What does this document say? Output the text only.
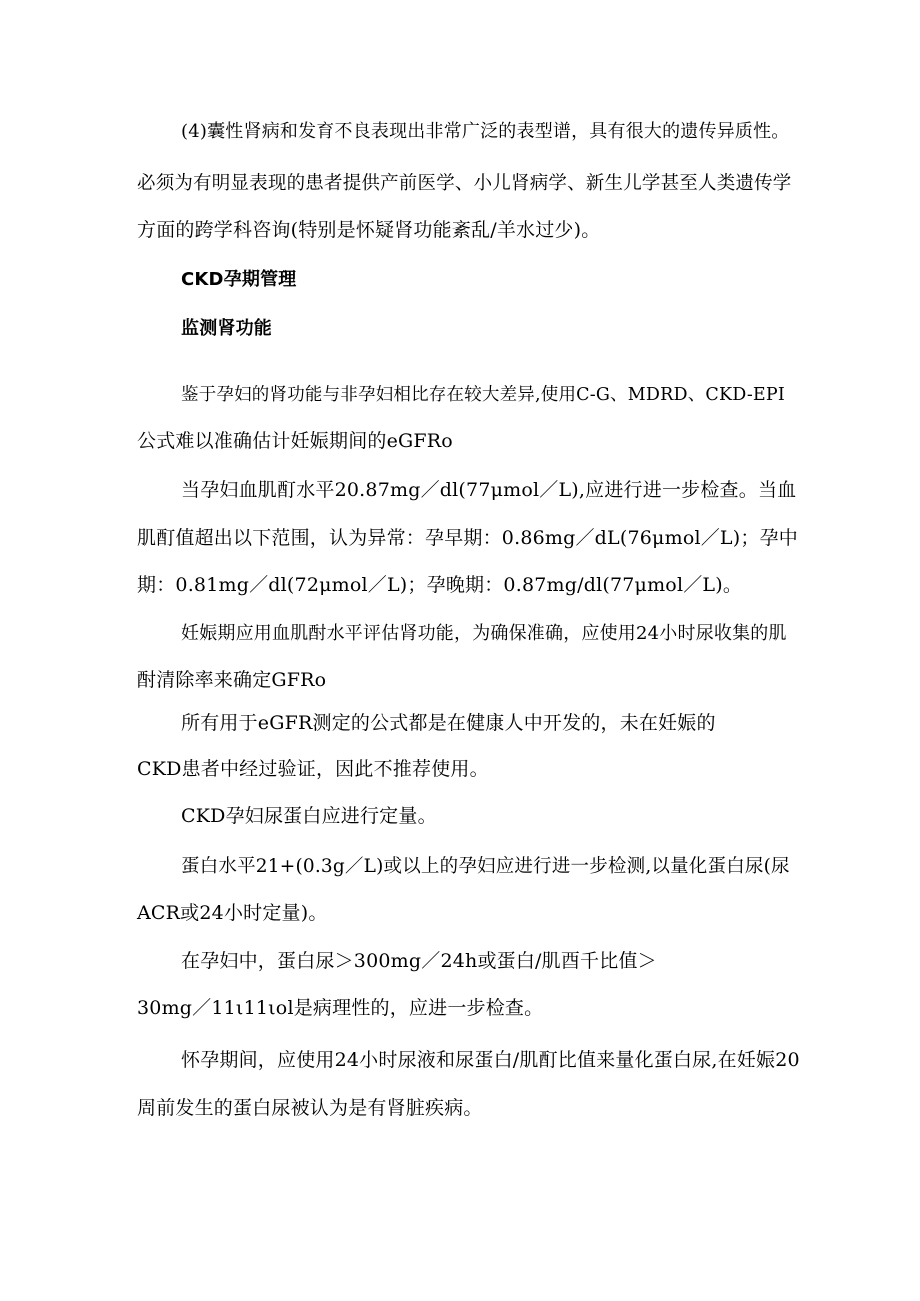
(4)囊性肾病和发育不良表现出非常广泛的表型谱，具有很大的遗传异质性。
必须为有明显表现的患者提供产前医学、小儿肾病学、新生儿学甚至人类遗传学
方面的跨学科咨询(特别是怀疑肾功能紊乱/羊水过少)。
CKD孕期管理
监测肾功能
鉴于孕妇的肾功能与非孕妇相比存在较大差异,使用C-G、MDRD、CKD-EPI
公式难以准确估计妊娠期间的eGFRo
当孕妇血肌酊水平20.87mg／dl(77μmol／L),应进行进一步检查。当血
肌酊值超出以下范围，认为异常：孕早期：0.86mg／dL(76μmol／L)；孕中
期：0.81mg／dl(72μmol／L)；孕晚期：0.87mg/dl(77μmol／L)。
妊娠期应用血肌酎水平评估肾功能，为确保准确，应使用24小时尿收集的肌
酎清除率来确定GFRo
所有用于eGFR测定的公式都是在健康人中开发的，未在妊娠的
CKD患者中经过验证，因此不推荐使用。
CKD孕妇尿蛋白应进行定量。
蛋白水平21+(0.3g／L)或以上的孕妇应进行进一步检测,以量化蛋白尿(尿
ACR或24小时定量)。
在孕妇中，蛋白尿＞300mg／24h或蛋白/肌酉千比值＞
30mg／11ι11ιol是病理性的，应进一步检查。
怀孕期间，应使用24小时尿液和尿蛋白/肌酊比值来量化蛋白尿,在妊娠20
周前发生的蛋白尿被认为是有肾脏疾病。
